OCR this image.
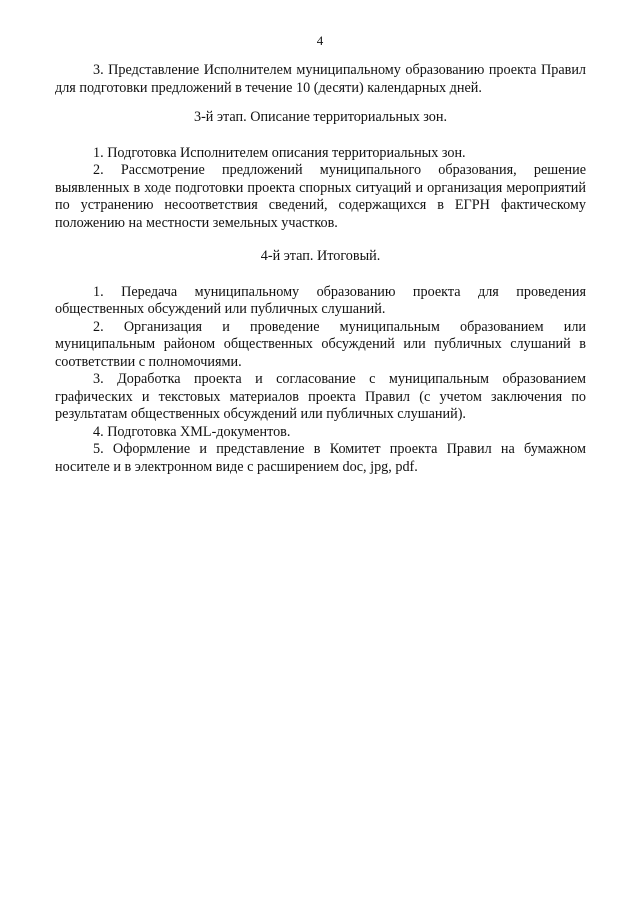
4

3. Представление Исполнителем муниципальному образованию проекта Правил для подготовки предложений в течение 10 (десяти) календарных дней.

3-й этап. Описание территориальных зон.

1. Подготовка Исполнителем описания территориальных зон.

2. Рассмотрение предложений муниципального образования, решение выявленных в ходе подготовки проекта спорных ситуаций и организация мероприятий по устранению несоответствия сведений, содержащихся в ЕГРН фактическому положению на местности земельных участков.

4-й этап. Итоговый.

1. Передача муниципальному образованию проекта для проведения общественных обсуждений или публичных слушаний.

2. Организация и проведение муниципальным образованием или муниципальным районом общественных обсуждений или публичных слушаний в соответствии с полномочиями.

3. Доработка проекта и согласование с муниципальным образованием графических и текстовых материалов проекта Правил (с учетом заключения по результатам общественных обсуждений или публичных слушаний).

4. Подготовка XML-документов.

5. Оформление и представление в Комитет проекта Правил на бумажном носителе и в электронном виде с расширением doc, jpg, pdf.
